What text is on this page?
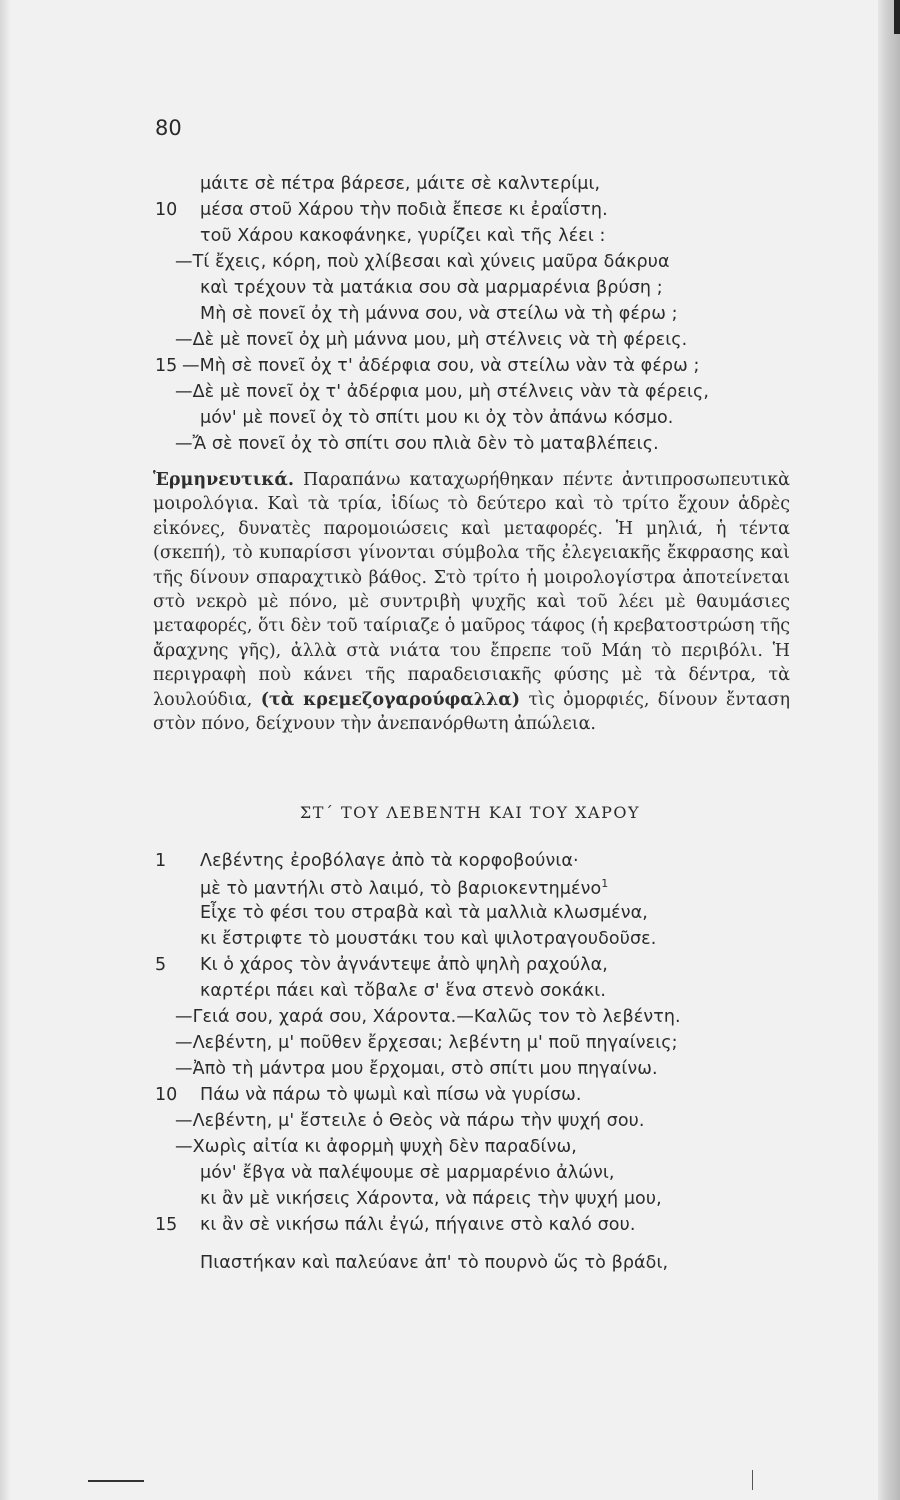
80
μάιτε σὲ πέτρα βάρεσε, μάιτε σὲ καλντερίμι,
10 μέσα στοῦ Χάρου τὴν ποδιὰ ἔπεσε κι ἐραΐστη.
τοῦ Χάρου κακοφάνηκε, γυρίζει καὶ τῆς λέει :
—Τί ἔχεις, κόρη, ποὺ χλίβεσαι καὶ χύνεις μαῦρα δάκρυα
καὶ τρέχουν τὰ ματάκια σου σὰ μαρμαρένια βρύση ;
Μὴ σὲ πονεῖ ὀχ τὴ μάννα σου, νὰ στείλω νὰ τὴ φέρω ;
—Δὲ μὲ πονεῖ ὀχ μὴ μάννα μου, μὴ στέλνεις νὰ τὴ φέρεις.
15 —Μὴ σὲ πονεῖ ὀχ τ' ἀδέρφια σου, νὰ στείλω νὰν τὰ φέρω ;
—Δὲ μὲ πονεῖ ὀχ τ' ἀδέρφια μου, μὴ στέλνεις νὰν τὰ φέρεις,
μόν' μὲ πονεῖ ὀχ τὸ σπίτι μου κι ὀχ τὸν ἀπάνω κόσμο.
—Ἄ σὲ πονεῖ ὀχ τὸ σπίτι σου πλιὰ δὲν τὸ ματαβλέπεις.
Ἑρμηνευτικά. Παραπάνω καταχωρήθηκαν πέντε ἀντιπροσωπευτικὰ μοιρολόγια. Καὶ τὰ τρία, ἰδίως τὸ δεύτερο καὶ τὸ τρίτο ἔχουν ἁδρὲς εἰκόνες, δυνατὲς παρομοιώσεις καὶ μεταφορές. Ἡ μηλιά, ἡ τέντα (σκεπή), τὸ κυπαρίσσι γίνονται σύμβολα τῆς ἐλεγειακῆς ἔκφρασης καὶ τῆς δίνουν σπαραχτικὸ βάθος. Στὸ τρίτο ἡ μοιρολογίστρα ἀποτείνεται στὸ νεκρὸ μὲ πόνο, μὲ συντριβὴ ψυχῆς καὶ τοῦ λέει μὲ θαυμάσιες μεταφορές, ὅτι δὲν τοῦ ταίριαζε ὁ μαῦρος τάφος (ἡ κρεβατοστρώση τῆς ἄραχνης γῆς), ἀλλὰ στὰ νιάτα του ἔπρεπε τοῦ Μάη τὸ περιβόλι. Ἡ περιγραφὴ ποὺ κάνει τῆς παραδεισιακῆς φύσης μὲ τὰ δέντρα, τὰ λουλούδια, (τὰ κρεμεζογαρούφαλλα) τὶς ὀμορφιές, δίνουν ἔνταση στὸν πόνο, δείχνουν τὴν ἀνεπανόρθωτη ἀπώλεια.
ΣΤ΄ ΤΟΥ ΛΕΒΕΝΤΗ ΚΑΙ ΤΟΥ ΧΑΡΟΥ
1 Λεβέντης ἐροβόλαγε ἀπὸ τὰ κορφοβούνια·
μὲ τὸ μαντήλι στὸ λαιμό, τὸ βαριοκεντημένο$^1$
Εἶχε τὸ φέσι του στραβὰ καὶ τὰ μαλλιὰ κλωσμένα,
κι ἔστριφτε τὸ μουστάκι του καὶ ψιλοτραγουδοῦσε.
5 Κι ὁ χάρος τὸν ἀγνάντεψε ἀπὸ ψηλὴ ραχούλα,
καρτέρι πάει καὶ τὄβαλε σ' ἕνα στενὸ σοκάκι.
—Γειά σου, χαρά σου, Χάροντα.—Καλῶς τον τὸ λεβέντη.
—Λεβέντη, μ' ποῦθεν ἔρχεσαι; λεβέντη μ' ποῦ πηγαίνεις;
—Ἀπὸ τὴ μάντρα μου ἔρχομαι, στὸ σπίτι μου πηγαίνω.
10 Πάω νὰ πάρω τὸ ψωμὶ καὶ πίσω νὰ γυρίσω.
—Λεβέντη, μ' ἔστειλε ὁ Θεὸς νὰ πάρω τὴν ψυχή σου.
—Χωρὶς αἰτία κι ἀφορμὴ ψυχὴ δὲν παραδίνω,
μόν' ἔβγα νὰ παλέψουμε σὲ μαρμαρένιο ἀλώνι,
κι ἂν μὲ νικήσεις Χάροντα, νὰ πάρεις τὴν ψυχή μου,
15 κι ἂν σὲ νικήσω πάλι ἐγώ, πήγαινε στὸ καλό σου.
Πιαστήκαν καὶ παλεύανε ἀπ' τὸ πουρνὸ ὥς τὸ βράδι,
